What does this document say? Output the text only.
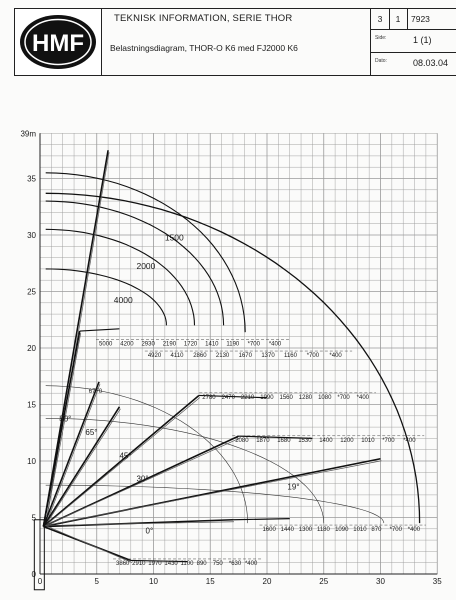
HMF
TEKNISK INFORMATION, SERIE THOR
Belastningsdiagram, THOR-O K6 med FJ2000 K6
3	1	7923
Side:	1 (1)
Dato:	08.03.04
0	5	10	15	20	25	30	35
0
5
10
15
20
25
30
35
39m
1500
2000
4000
80°
65°
45°
30°
19°
0°
5000 4200 2930 2190 1720 1410 1190 *700 *400
4920 4110 2860 2130 1670 1370 1160 *700 *400
2780 2470 2210 1990 1560 1280 1080 *700 *400
2080 1870 1680 1530 1400 1200 1010 *700 *400
1600 1440 1300 1180 1090 1010 870 *700 *400
3860 2910 1970 1430 1100 890 750 *630 *400
6770
